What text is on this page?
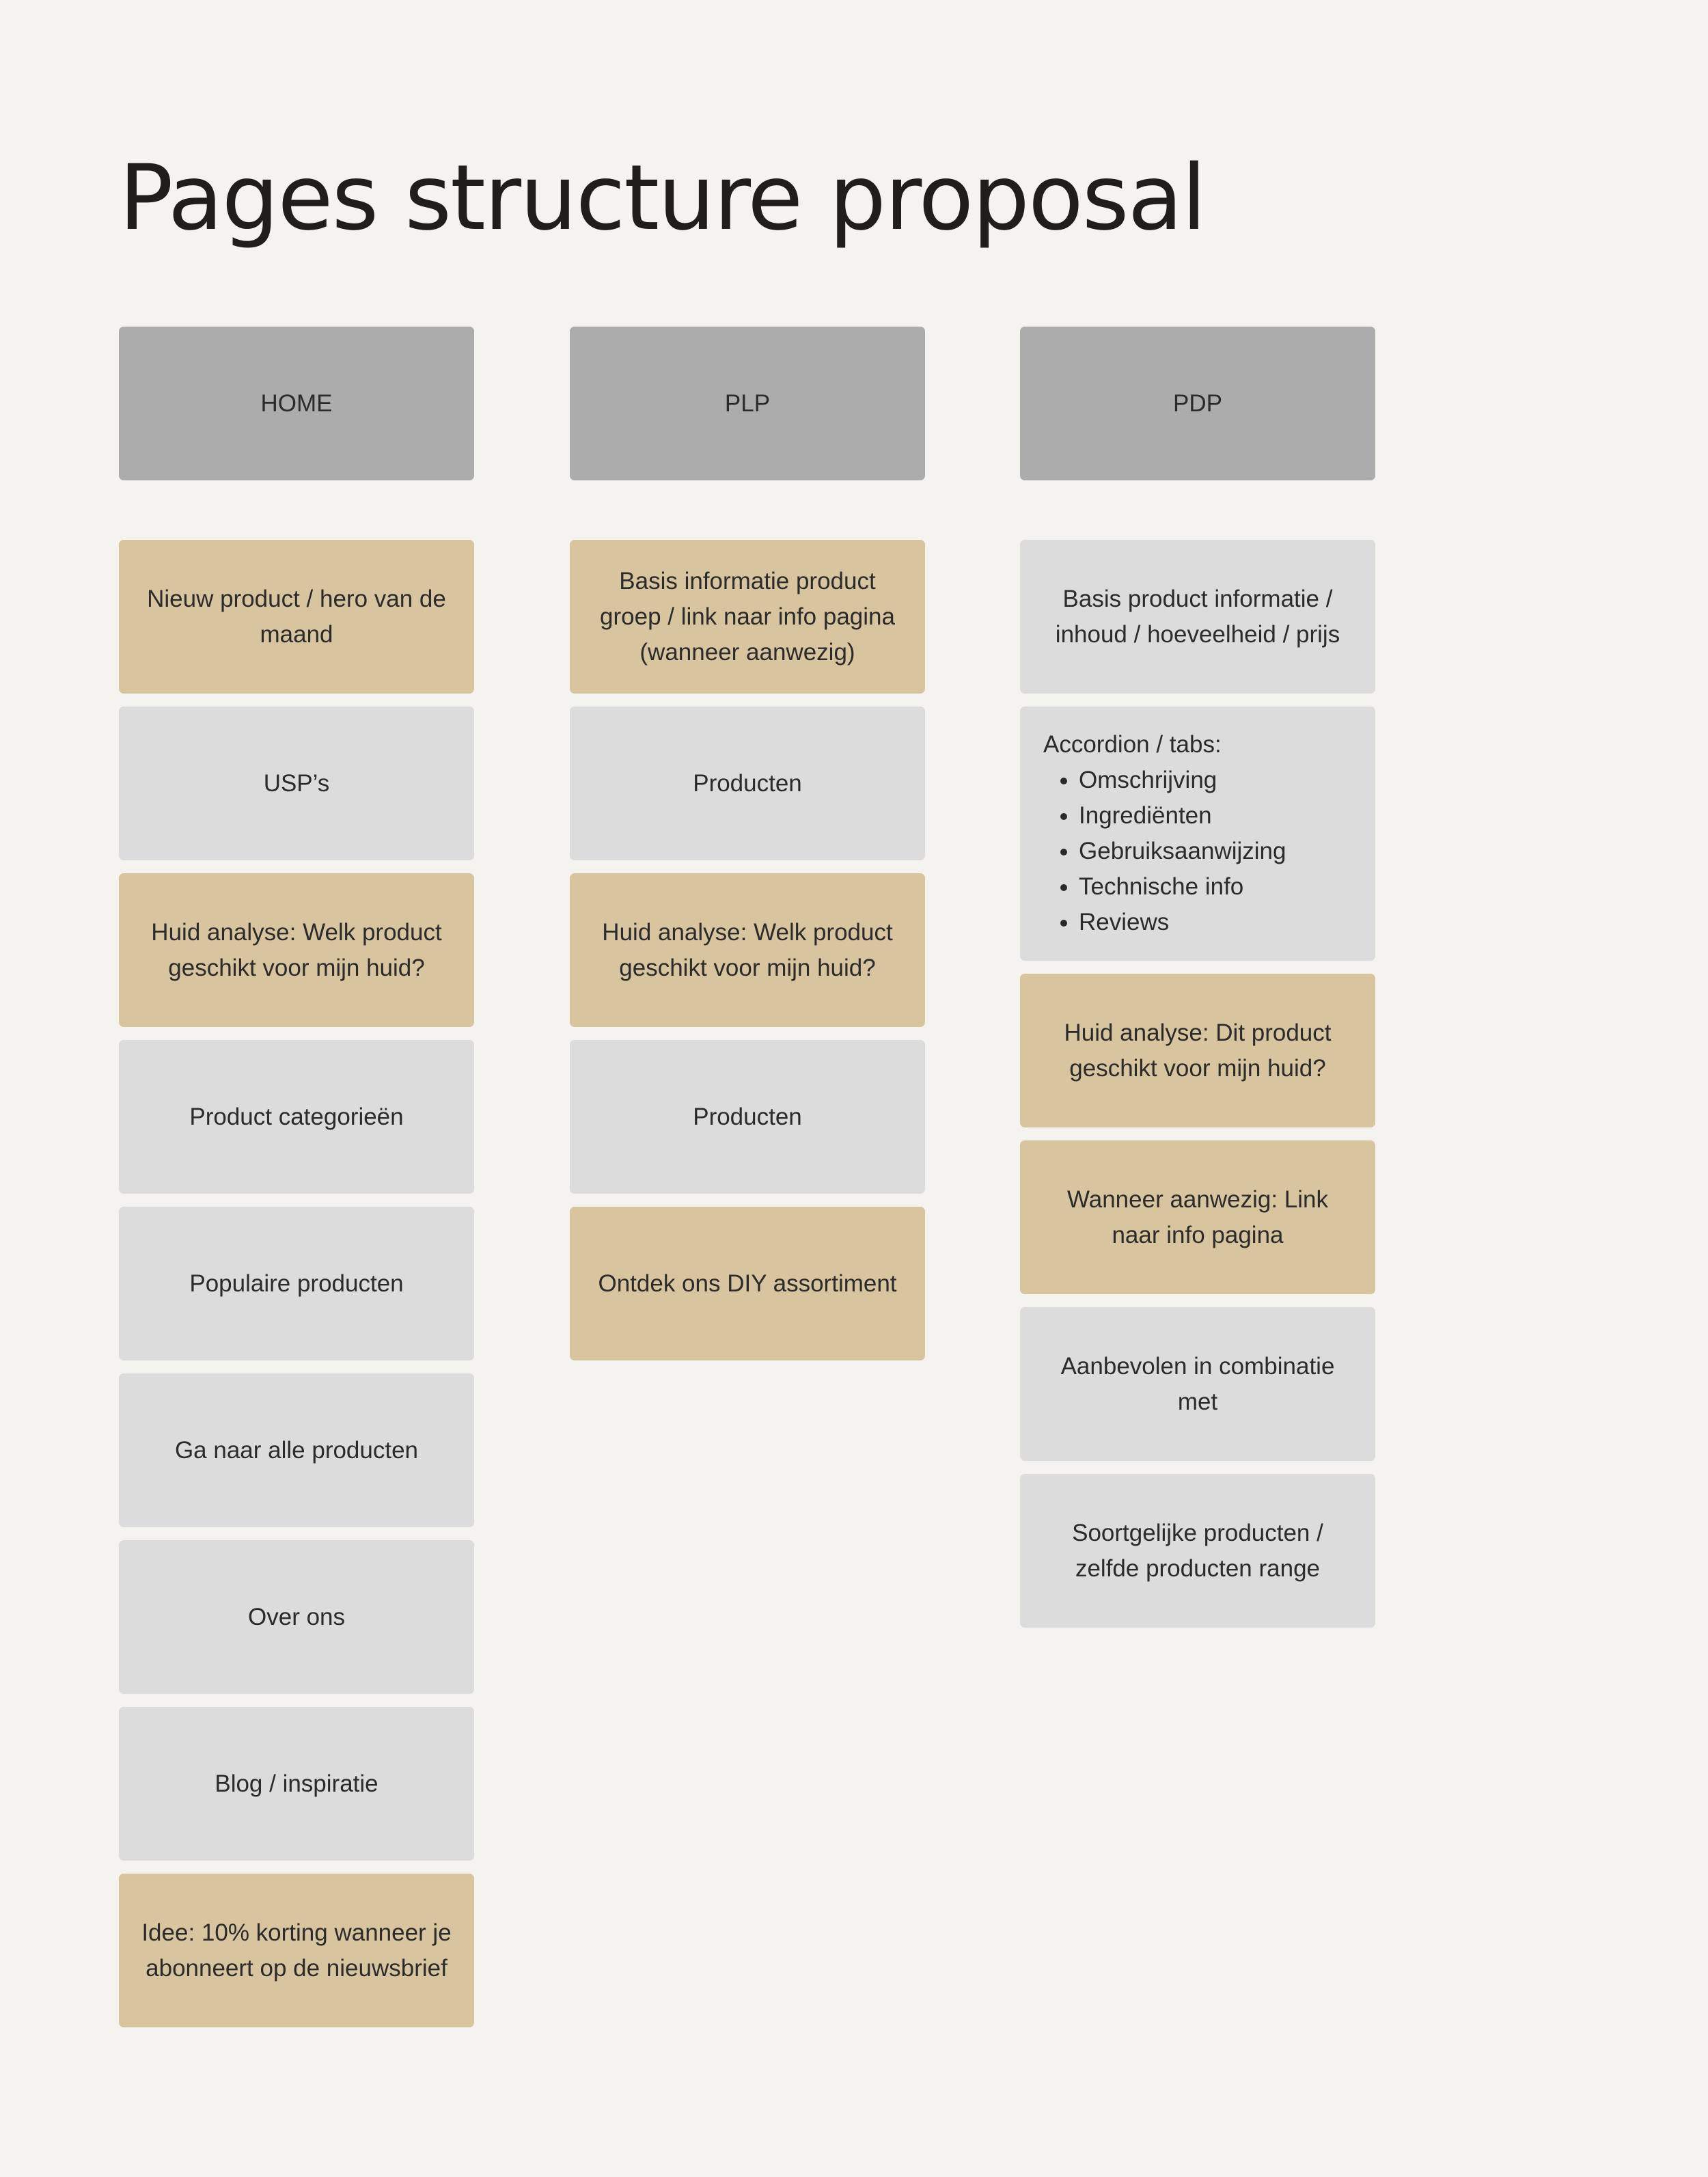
Pages structure proposal
HOME
Nieuw product / hero van de maand
USP’s
Huid analyse: Welk product geschikt voor mijn huid?
Product categorieën
Populaire producten
Ga naar alle producten
Over ons
Blog / inspiratie
Idee: 10% korting wanneer je abonneert op de nieuwsbrief
PLP
Basis informatie product groep / link naar info pagina (wanneer aanwezig)
Producten
Huid analyse: Welk product geschikt voor mijn huid?
Producten
Ontdek ons DIY assortiment
PDP
Basis product informatie / inhoud / hoeveelheid / prijs
Accordion / tabs:
• Omschrijving
• Ingrediënten
• Gebruiksaanwijzing
• Technische info
• Reviews
Huid analyse: Dit product geschikt voor mijn huid?
Wanneer aanwezig: Link naar info pagina
Aanbevolen in combinatie met
Soortgelijke producten / zelfde producten range
